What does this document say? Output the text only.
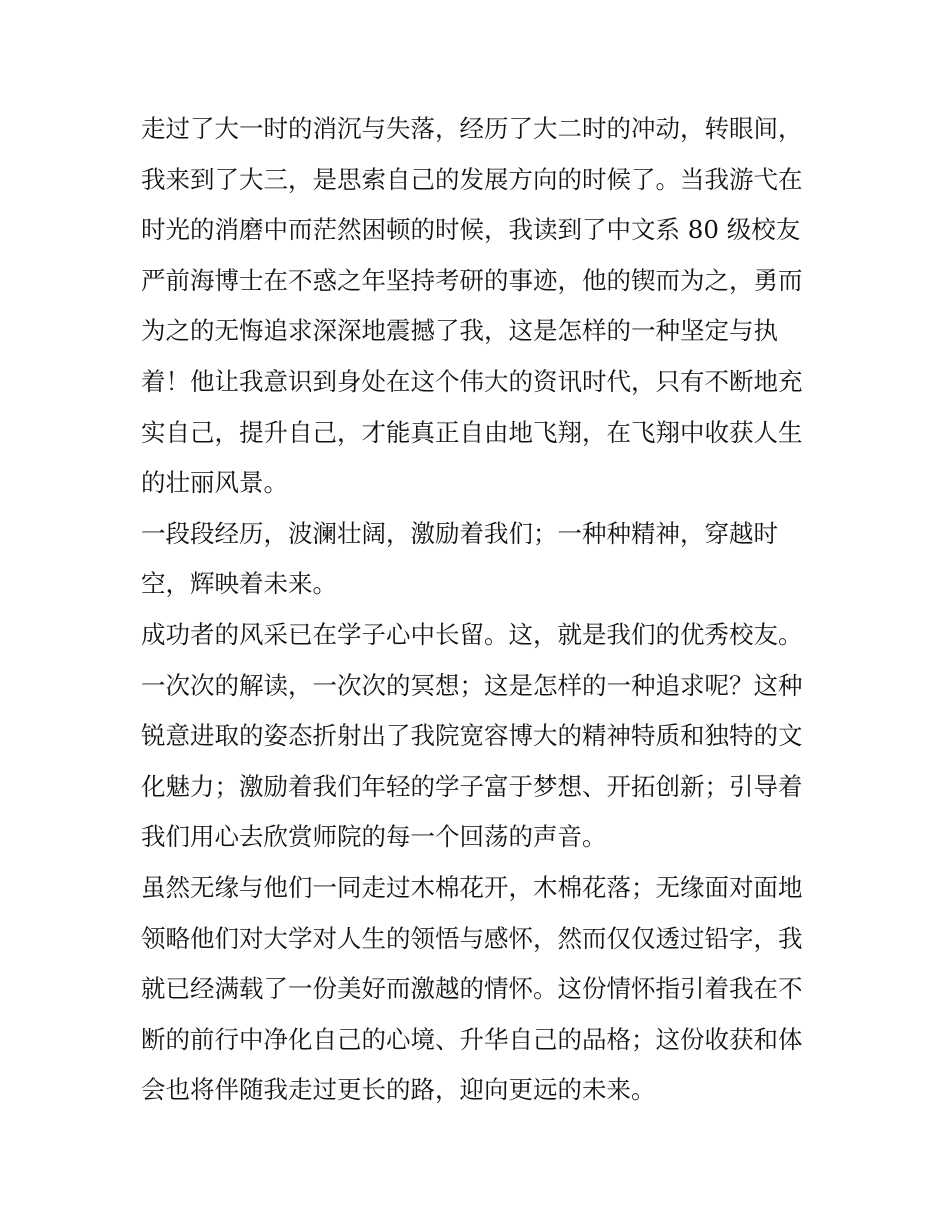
走过了大一时的消沉与失落，经历了大二时的冲动，转眼间，
我来到了大三，是思索自己的发展方向的时候了。当我游弋在
时光的消磨中而茫然困顿的时候，我读到了中文系 80 级校友
严前海博士在不惑之年坚持考研的事迹，他的锲而为之，勇而
为之的无悔追求深深地震撼了我，这是怎样的一种坚定与执
着！他让我意识到身处在这个伟大的资讯时代，只有不断地充
实自己，提升自己，才能真正自由地飞翔，在飞翔中收获人生
的壮丽风景。

一段段经历，波澜壮阔，激励着我们；一种种精神，穿越时
空，辉映着未来。

成功者的风采已在学子心中长留。这，就是我们的优秀校友。

一次次的解读，一次次的冥想；这是怎样的一种追求呢？这种
锐意进取的姿态折射出了我院宽容博大的精神特质和独特的文
化魅力；激励着我们年轻的学子富于梦想、开拓创新；引导着
我们用心去欣赏师院的每一个回荡的声音。

虽然无缘与他们一同走过木棉花开，木棉花落；无缘面对面地
领略他们对大学对人生的领悟与感怀，然而仅仅透过铅字，我
就已经满载了一份美好而激越的情怀。这份情怀指引着我在不
断的前行中净化自己的心境、升华自己的品格；这份收获和体
会也将伴随我走过更长的路，迎向更远的未来。
